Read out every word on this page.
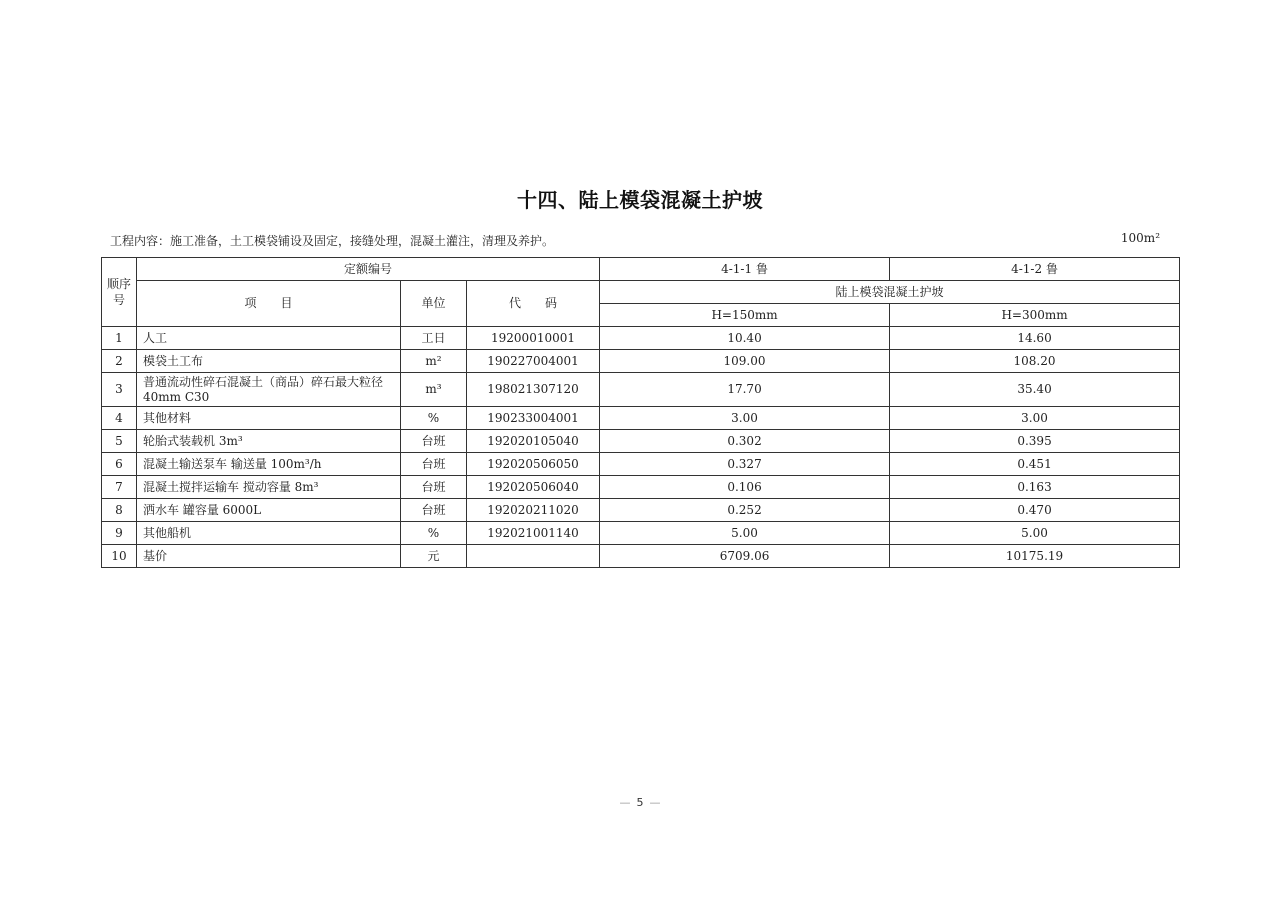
十四、陆上模袋混凝土护坡
工程内容：施工准备，土工模袋铺设及固定，接缝处理，混凝土灌注，清理及养护。	100m²
顺序号	定额编号			4-1-1 鲁	4-1-2 鲁
	项　　目	单位	代　　码	陆上模袋混凝土护坡	
				H=150mm	H=300mm
1	人工	工日	19200010001	10.40	14.60
2	模袋土工布	m²	190227004001	109.00	108.20
3	普通流动性碎石混凝土（商品）碎石最大粒径 40mm C30	m³	198021307120	17.70	35.40
4	其他材料	%	190233004001	3.00	3.00
5	轮胎式装载机 3m³	台班	192020105040	0.302	0.395
6	混凝土输送泵车 输送量 100m³/h	台班	192020506050	0.327	0.451
7	混凝土搅拌运输车 搅动容量 8m³	台班	192020506040	0.106	0.163
8	洒水车 罐容量 6000L	台班	192020211020	0.252	0.470
9	其他船机	%	192021001140	5.00	5.00
10	基价	元		6709.06	10175.19
— 5 —
